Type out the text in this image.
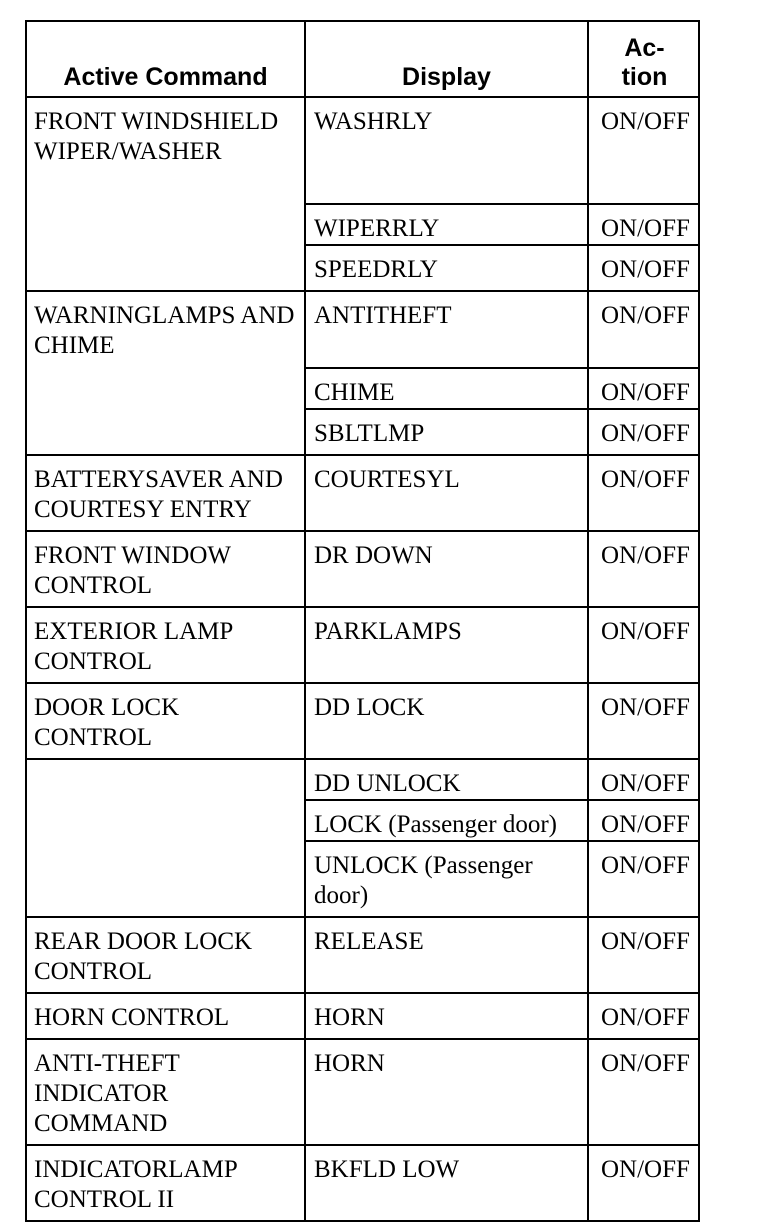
Active Command	Display	Ac-
tion

FRONT WINDSHIELD WIPER/WASHER	WASHRLY	ON/OFF

	WIPERRLY	ON/OFF

	SPEEDRLY	ON/OFF

WARNINGLAMPS AND CHIME	ANTITHEFT	ON/OFF

	CHIME	ON/OFF

	SBLTLMP	ON/OFF

BATTERYSAVER AND COURTESY ENTRY	COURTESYL	ON/OFF

FRONT WINDOW CONTROL	DR DOWN	ON/OFF

EXTERIOR LAMP CONTROL	PARKLAMPS	ON/OFF

DOOR LOCK CONTROL	DD LOCK	ON/OFF

	DD UNLOCK	ON/OFF

	LOCK (Passenger door)	ON/OFF

	UNLOCK (Passenger door)	ON/OFF

REAR DOOR LOCK CONTROL	RELEASE	ON/OFF

HORN CONTROL	HORN	ON/OFF

ANTI-THEFT INDICATOR COMMAND	HORN	ON/OFF

INDICATORLAMP CONTROL II	BKFLD LOW	ON/OFF
